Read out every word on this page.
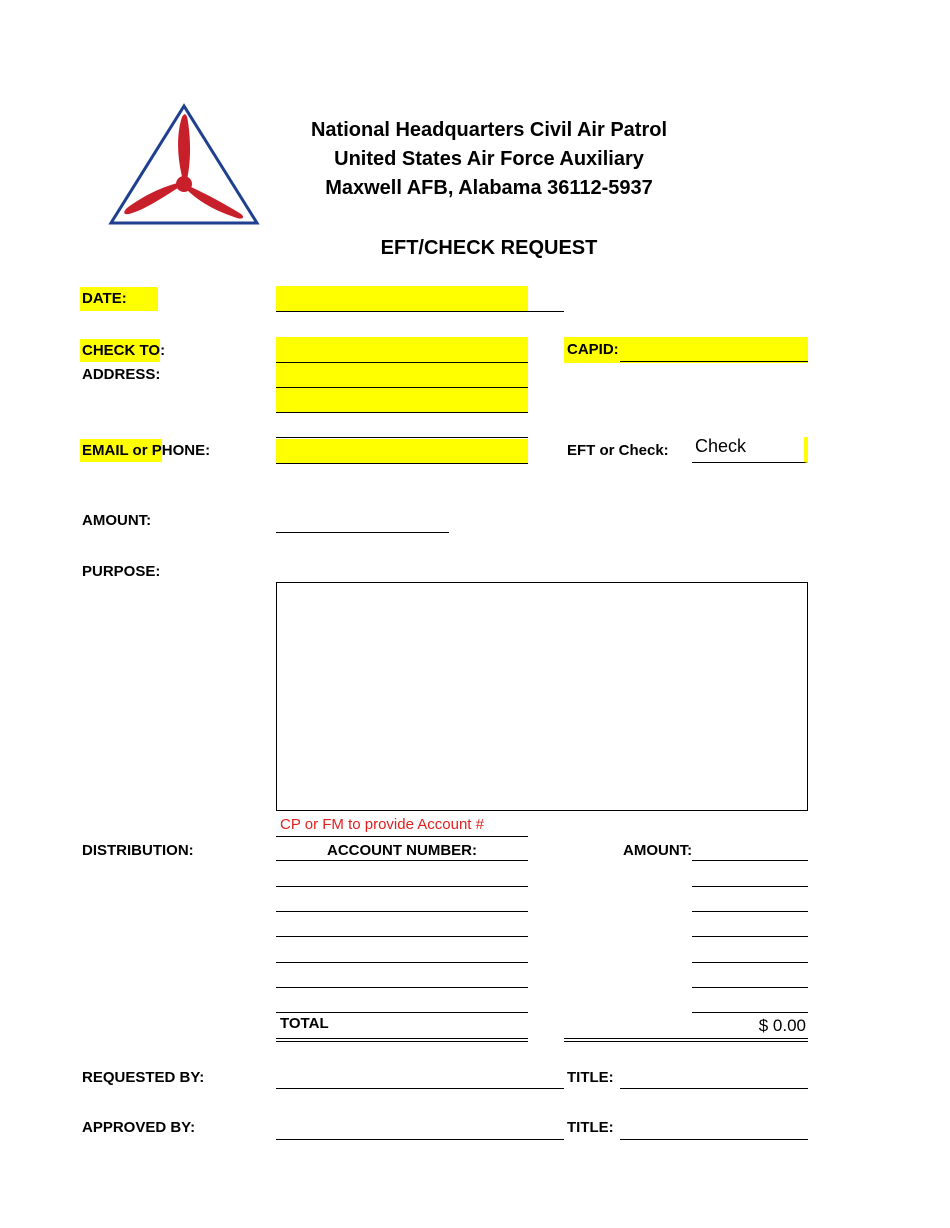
National Headquarters Civil Air Patrol
United States Air Force Auxiliary
Maxwell AFB, Alabama 36112-5937
EFT/CHECK REQUEST
DATE:
CHECK TO:	CAPID:
ADDRESS:
EMAIL or PHONE:	EFT or Check: Check
AMOUNT:
PURPOSE:
CP or FM to provide Account #
DISTRIBUTION:	ACCOUNT NUMBER:	AMOUNT:
TOTAL	$ 0.00
REQUESTED BY:	TITLE:
APPROVED BY:	TITLE:
